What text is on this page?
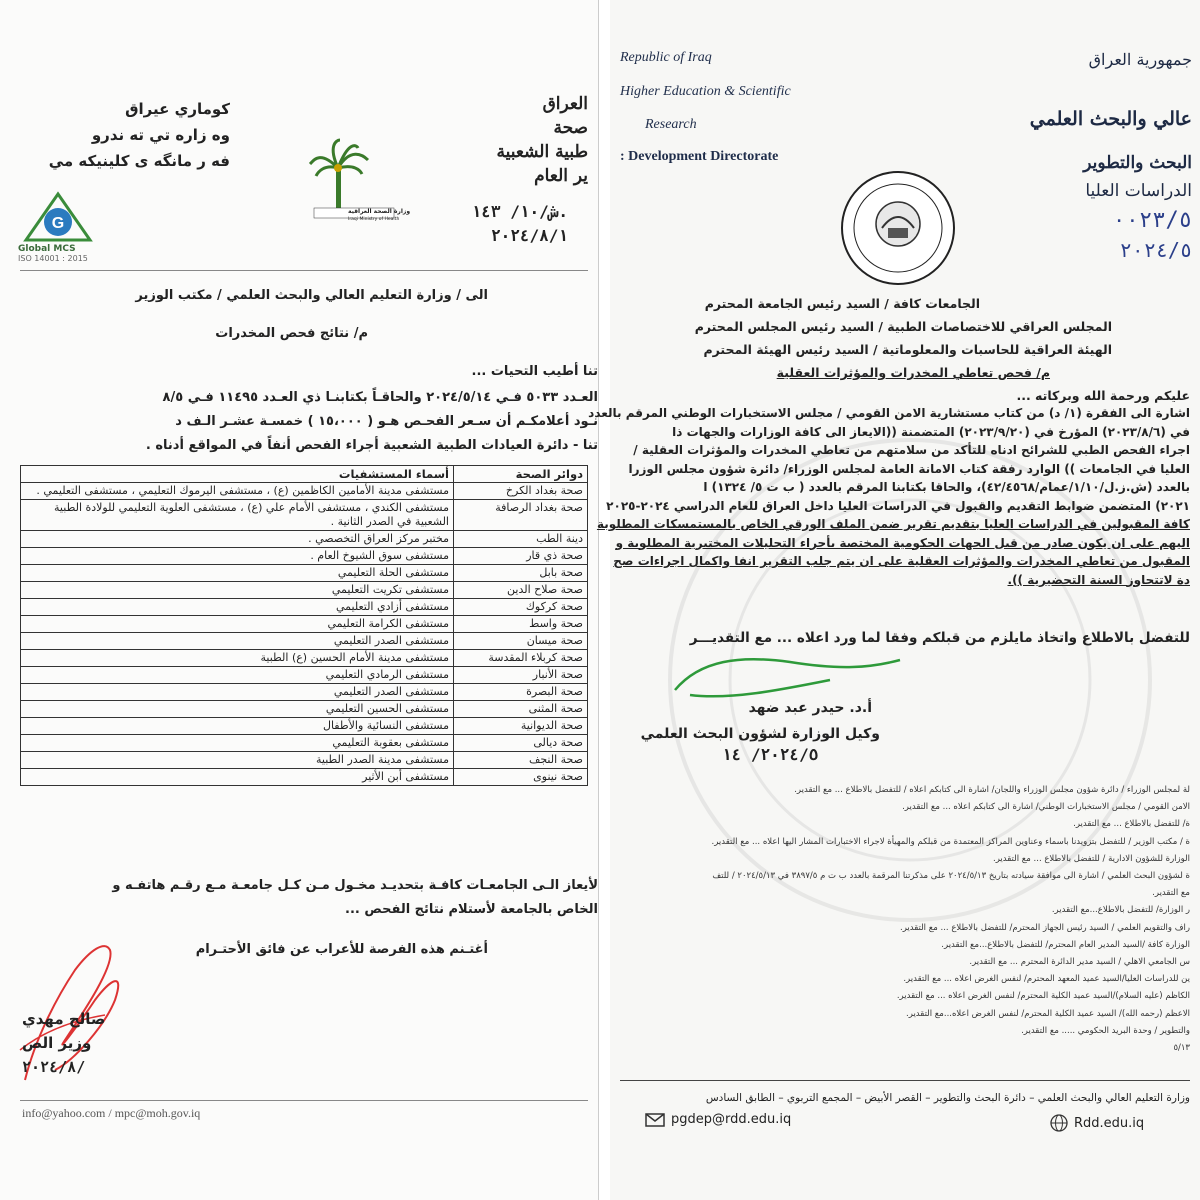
العراق
صحة
طبية الشعبية
ير العام
.ش/١٠/ ١٤٣
٢٠٢٤/٨/١
كوماري عيراق
وه زاره تي ته ندرو
فه ر مانگه ی کلینیکه مي
وزارة الصحة العراقية
Iraqi Ministry of Health
G
Global MCS
ISO 14001 : 2015
الى / وزارة التعليم العالي والبحث العلمي / مكتب الوزير
م/ نتائج فحص المخدرات
تنا أطيب التحيات ...
العـدد ٥٠٣٣ فـي ٢٠٢٤/٥/١٤ والحاقـاً بكتابنـا ذي العـدد ١١٤٩٥ فـي ٨/٥
نـود أعلامكـم أن سـعر الفحـص هـو ( ١٥،٠٠٠ ) خمسـة عشـر الـف د
تنا - دائرة العيادات الطبية الشعبية أجراء الفحص أنفاً في المواقع أدناه .
دوائر الصحة	أسماء المستشفيات
صحة بغداد الكرخ	مستشفى مدينة الأمامين الكاظمين (ع) ، مستشفى اليرموك التعليمي ، مستشفى التعليمي .
صحة بغداد الرصافة	مستشفى الكندي ، مستشفى الأمام علي (ع) ، مستشفى العلوية التعليمي للولادة الطبية الشعبية في الصدر الثانية .
دينة الطب	مختبر مركز العراق التخصصي .
صحة ذي قار	مستشفى سوق الشيوخ العام .
صحة بابل	مستشفى الحلة التعليمي
صحة صلاح الدين	مستشفى تكريت التعليمي
صحة كركوك	مستشفى أزادي التعليمي
صحة واسط	مستشفى الكرامة التعليمي
صحة ميسان	مستشفى الصدر التعليمي
صحة كربلاء المقدسة	مستشفى مدينة الأمام الحسين (ع) الطبية
صحة الأنبار	مستشفى الرمادي التعليمي
صحة البصرة	مستشفى الصدر التعليمي
صحة المثنى	مستشفى الحسين التعليمي
صحة الديوانية	مستشفى النسائية والأطفال
صحة ديالى	مستشفى بعقوبة التعليمي
صحة النجف	مستشفى مدينة الصدر الطبية
صحة نينوى	مستشفى أبن الأثير
لأيعاز الـى الجامعـات كافـة بتحديـد مخـول مـن كـل جامعـة مـع رقـم هاتفـه و
الخاص بالجامعة لأستلام نتائج الفحص ...
أغتـنم هذه الفرصة للأعراب عن فائق الأحتـرام
صالح مهدي
وزير الص
٢٠٢٤/٨/
info@yahoo.com / mpc@moh.gov.iq
Republic of Iraq
Higher Education & Scientific
Research
: Development Directorate
جمهورية العراق
عالي والبحث العلمي
البحث والتطوير
الدراسات العليا
٠٠٢٣/٥
٢٠٢٤/٥
الجامعات كافة / السيد رئيس الجامعة المحترم
المجلس العراقي للاختصاصات الطبية / السيد رئيس المجلس المحترم
الهيئة العراقية للحاسبات والمعلوماتية / السيد رئيس الهيئة المحترم
م/ فحص تعاطي المخدرات والمؤثرات العقلية
عليكم ورحمة الله وبركاته ...
اشارة الى الفقرة (١/ د) من كتاب مستشارية الامن القومي / مجلس الاستخبارات الوطني المرقم بالعدد
في (٢٠٢٣/٨/٦) المؤرخ في (٢٠٢٣/٩/٢٠) المتضمنة ((الايعاز الى كافة الوزارات والجهات ذا
اجراء الفحص الطبي للشرائح ادناه للتأكد من سلامتهم من تعاطي المخدرات والمؤثرات العقلية /
العليا في الجامعات )) الوارد رفقة كتاب الامانة العامة لمجلس الوزراء/ دائرة شؤون مجلس الوزرا
بالعدد (ش.ز.ل/١/١٠/عمام/٤٢/٤٥٦٨)، والحاقا بكتابنا المرقم بالعدد ( ب ت ٥/ ١٣٢٤) ا
٢٠٢١) المتضمن ضوابط التقديم والقبول في الدراسات العليا داخل العراق للعام الدراسي ٢٠٢٤-٢٠٢٥
كافة المقبولين في الدراسات العليا بتقديم تقرير ضمن الملف الورقي الخاص بالمستمسكات المطلوبة
اليهم على ان يكون صادر من قبل الجهات الحكومية المختصة بأجراء التحليلات المختبرية المطلوبة و
المقبول من تعاطي المخدرات والمؤثرات العقلية على ان يتم جلب التقرير انفا واكمال اجراءات صح
دة لاتتجاوز السنة التحضيرية )).
للتفضل بالاطلاع واتخاذ مايلزم من قبلكم وفقا لما ورد اعلاه ... مع التقديـــر
أ.د. حيدر عبد ضهد
وكيل الوزارة لشؤون البحث العلمي
٢٠٢٤/٥/ ١٤
لة لمجلس الوزراء / دائرة شؤون مجلس الوزراء واللجان/ اشارة الى كتابكم اعلاه / للتفضل بالاطلاع ... مع التقدير.
الامن القومي / مجلس الاستخبارات الوطني/ اشارة الى كتابكم اعلاه ... مع التقدير.
ة/ للتفضل بالاطلاع ... مع التقدير.
ة / مكتب الوزير / للتفضل بتزويدنا باسماء وعناوين المراكز المعتمدة من قبلكم والمهيأة لاجراء الاختبارات المشار اليها اعلاه ... مع التقدير.
الوزارة للشؤون الادارية / للتفضل بالاطلاع ... مع التقدير.
ة لشؤون البحث العلمي / اشارة الى موافقة سيادته بتاريخ ٢٠٢٤/٥/١٣ على مذكرتنا المرقمة بالعدد ب ت م ٣٨٩٧/٥ في ٢٠٢٤/٥/١٣ / للتف
مع التقدير.
ر الوزارة/ للتفضل بالاطلاع...مع التقدير.
راف والتقويم العلمي / السيد رئيس الجهاز المحترم/ للتفضل بالاطلاع ... مع التقدير.
الوزارة كافة /السيد المدير العام المحترم/ للتفضل بالاطلاع...مع التقدير.
س الجامعي الاهلي / السيد مدير الدائرة المحترم ... مع التقدير.
ين للدراسات العليا/السيد عميد المعهد المحترم/ لنفس الغرض اعلاه ... مع التقدير.
الكاظم (عليه السلام)/السيد عميد الكلية المحترم/ لنفس الغرض اعلاه ... مع التقدير.
الاعظم (رحمه الله)/ السيد عميد الكلية المحترم/ لنفس الغرض اعلاه...مع التقدير.
والتطوير / وحدة البريد الحكومي ..... مع التقدير.
٥/١٣
وزارة التعليم العالي والبحث العلمي – دائرة البحث والتطوير – القصر الأبيض – المجمع التربوي – الطابق السادس
pgdep@rdd.edu.iq	Rdd.edu.iq
